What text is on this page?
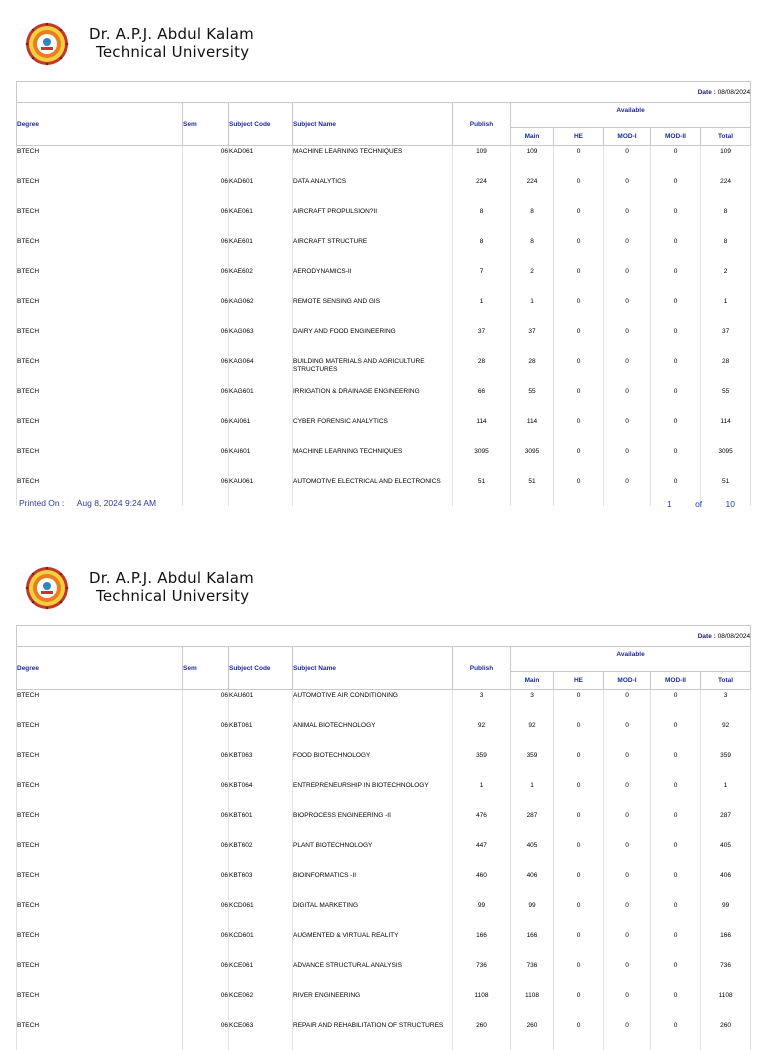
Dr. A.P.J. Abdul Kalam
Technical University
Date : 08/08/2024									
Degree	Sem	Subject Code	Subject Name	Publish	Available				
					Main	HE	MOD-I	MOD-II	Total

BTECH	06	KAD061	MACHINE LEARNING TECHNIQUES	109	109	0	0	0	109
BTECH	06	KAD601	DATA ANALYTICS	224	224	0	0	0	224
BTECH	06	KAE061	AIRCRAFT PROPULSION?II	8	8	0	0	0	8
BTECH	06	KAE601	AIRCRAFT STRUCTURE	8	8	0	0	0	8
BTECH	06	KAE602	AERODYNAMICS-II	7	2	0	0	0	2
BTECH	06	KAG062	REMOTE SENSING AND GIS	1	1	0	0	0	1
BTECH	06	KAG063	DAIRY AND FOOD ENGINEERING	37	37	0	0	0	37
BTECH	06	KAG064	BUILDING MATERIALS AND AGRICULTURE STRUCTURES	28	28	0	0	0	28
BTECH	06	KAG601	IRRIGATION & DRAINAGE ENGINEERING	66	55	0	0	0	55
BTECH	06	KAI061	CYBER FORENSIC ANALYTICS	114	114	0	0	0	114
BTECH	06	KAI601	MACHINE LEARNING TECHNIQUES	3095	3095	0	0	0	3095
BTECH	06	KAU061	AUTOMOTIVE ELECTRICAL AND ELECTRONICS	51	51	0	0	0	51
Printed On : Aug 8, 2024 9:24 AM	1	of	10
Dr. A.P.J. Abdul Kalam
Technical University
Date : 08/08/2024									
Degree	Sem	Subject Code	Subject Name	Publish	Available				
					Main	HE	MOD-I	MOD-II	Total

BTECH	06	KAU601	AUTOMOTIVE AIR CONDITIONING	3	3	0	0	0	3
BTECH	06	KBT061	ANIMAL BIOTECHNOLOGY	92	92	0	0	0	92
BTECH	06	KBT063	FOOD BIOTECHNOLOGY	359	359	0	0	0	359
BTECH	06	KBT064	ENTREPRENEURSHIP IN BIOTECHNOLOGY	1	1	0	0	0	1
BTECH	06	KBT601	BIOPROCESS ENGINEERING -II	476	287	0	0	0	287
BTECH	06	KBT602	PLANT BIOTECHNOLOGY	447	405	0	0	0	405
BTECH	06	KBT603	BIOINFORMATICS -II	460	406	0	0	0	406
BTECH	06	KCD061	DIGITAL MARKETING	99	99	0	0	0	99
BTECH	06	KCD601	AUGMENTED & VIRTUAL REALITY	166	166	0	0	0	166
BTECH	06	KCE061	ADVANCE STRUCTURAL ANALYSIS	736	736	0	0	0	736
BTECH	06	KCE062	RIVER ENGINEERING	1108	1108	0	0	0	1108
BTECH	06	KCE063	REPAIR AND REHABILITATION OF STRUCTURES	260	260	0	0	0	260
